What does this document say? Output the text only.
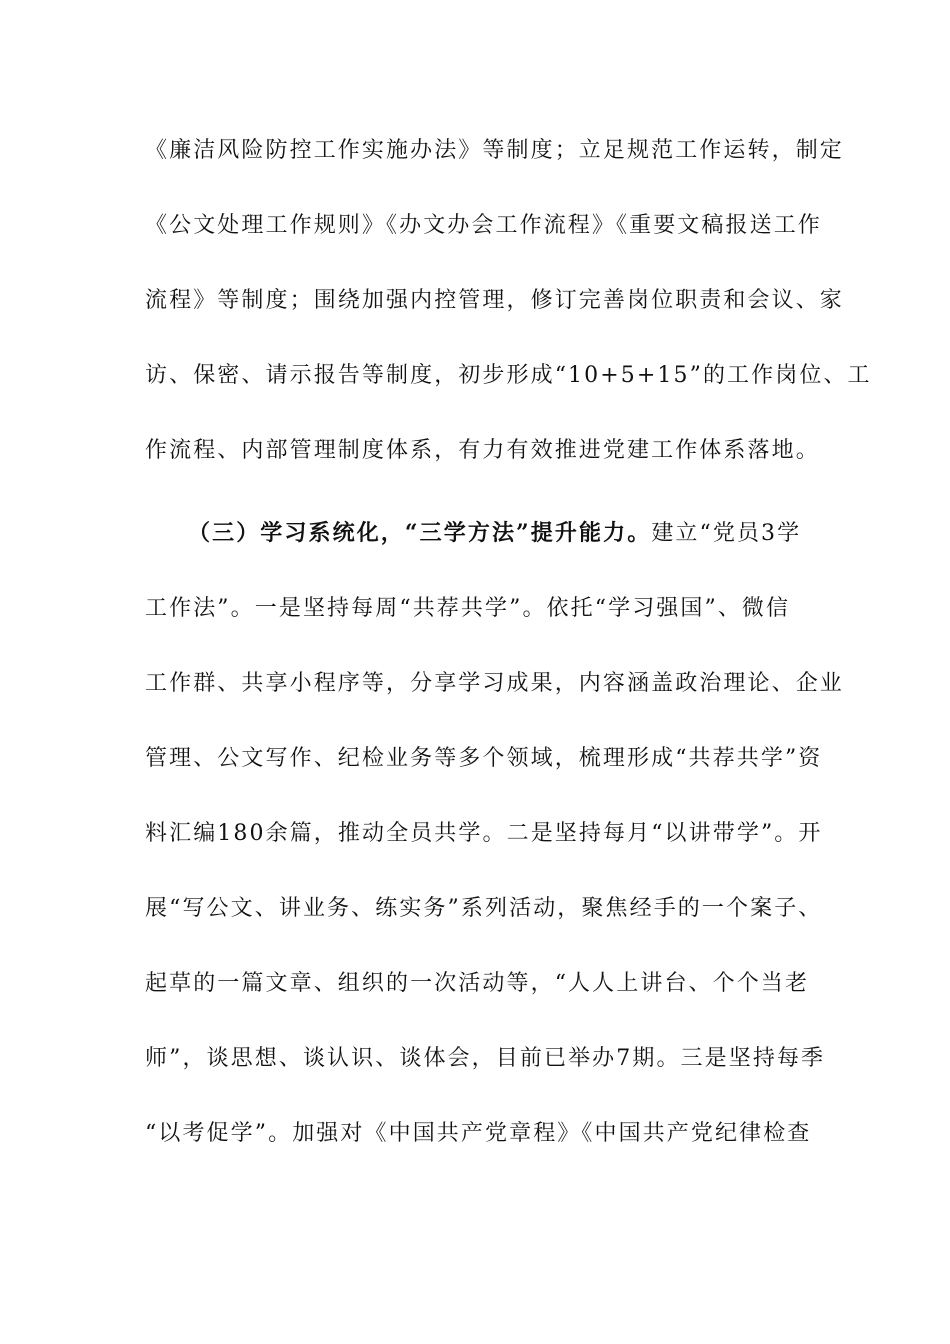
《廉洁风险防控工作实施办法》等制度；立足规范工作运转，制定
《公文处理工作规则》《办文办会工作流程》《重要文稿报送工作
流程》等制度；围绕加强内控管理，修订完善岗位职责和会议、家
访、保密、请示报告等制度，初步形成“10+5+15”的工作岗位、工
作流程、内部管理制度体系，有力有效推进党建工作体系落地。
（三）学习系统化，“三学方法”提升能力。建立“党员3学
工作法”。一是坚持每周“共荐共学”。依托“学习强国”、微信
工作群、共享小程序等，分享学习成果，内容涵盖政治理论、企业
管理、公文写作、纪检业务等多个领域，梳理形成“共荐共学”资
料汇编180余篇，推动全员共学。二是坚持每月“以讲带学”。开
展“写公文、讲业务、练实务”系列活动，聚焦经手的一个案子、
起草的一篇文章、组织的一次活动等，“人人上讲台、个个当老
师”，谈思想、谈认识、谈体会，目前已举办7期。三是坚持每季
“以考促学”。加强对《中国共产党章程》《中国共产党纪律检查
